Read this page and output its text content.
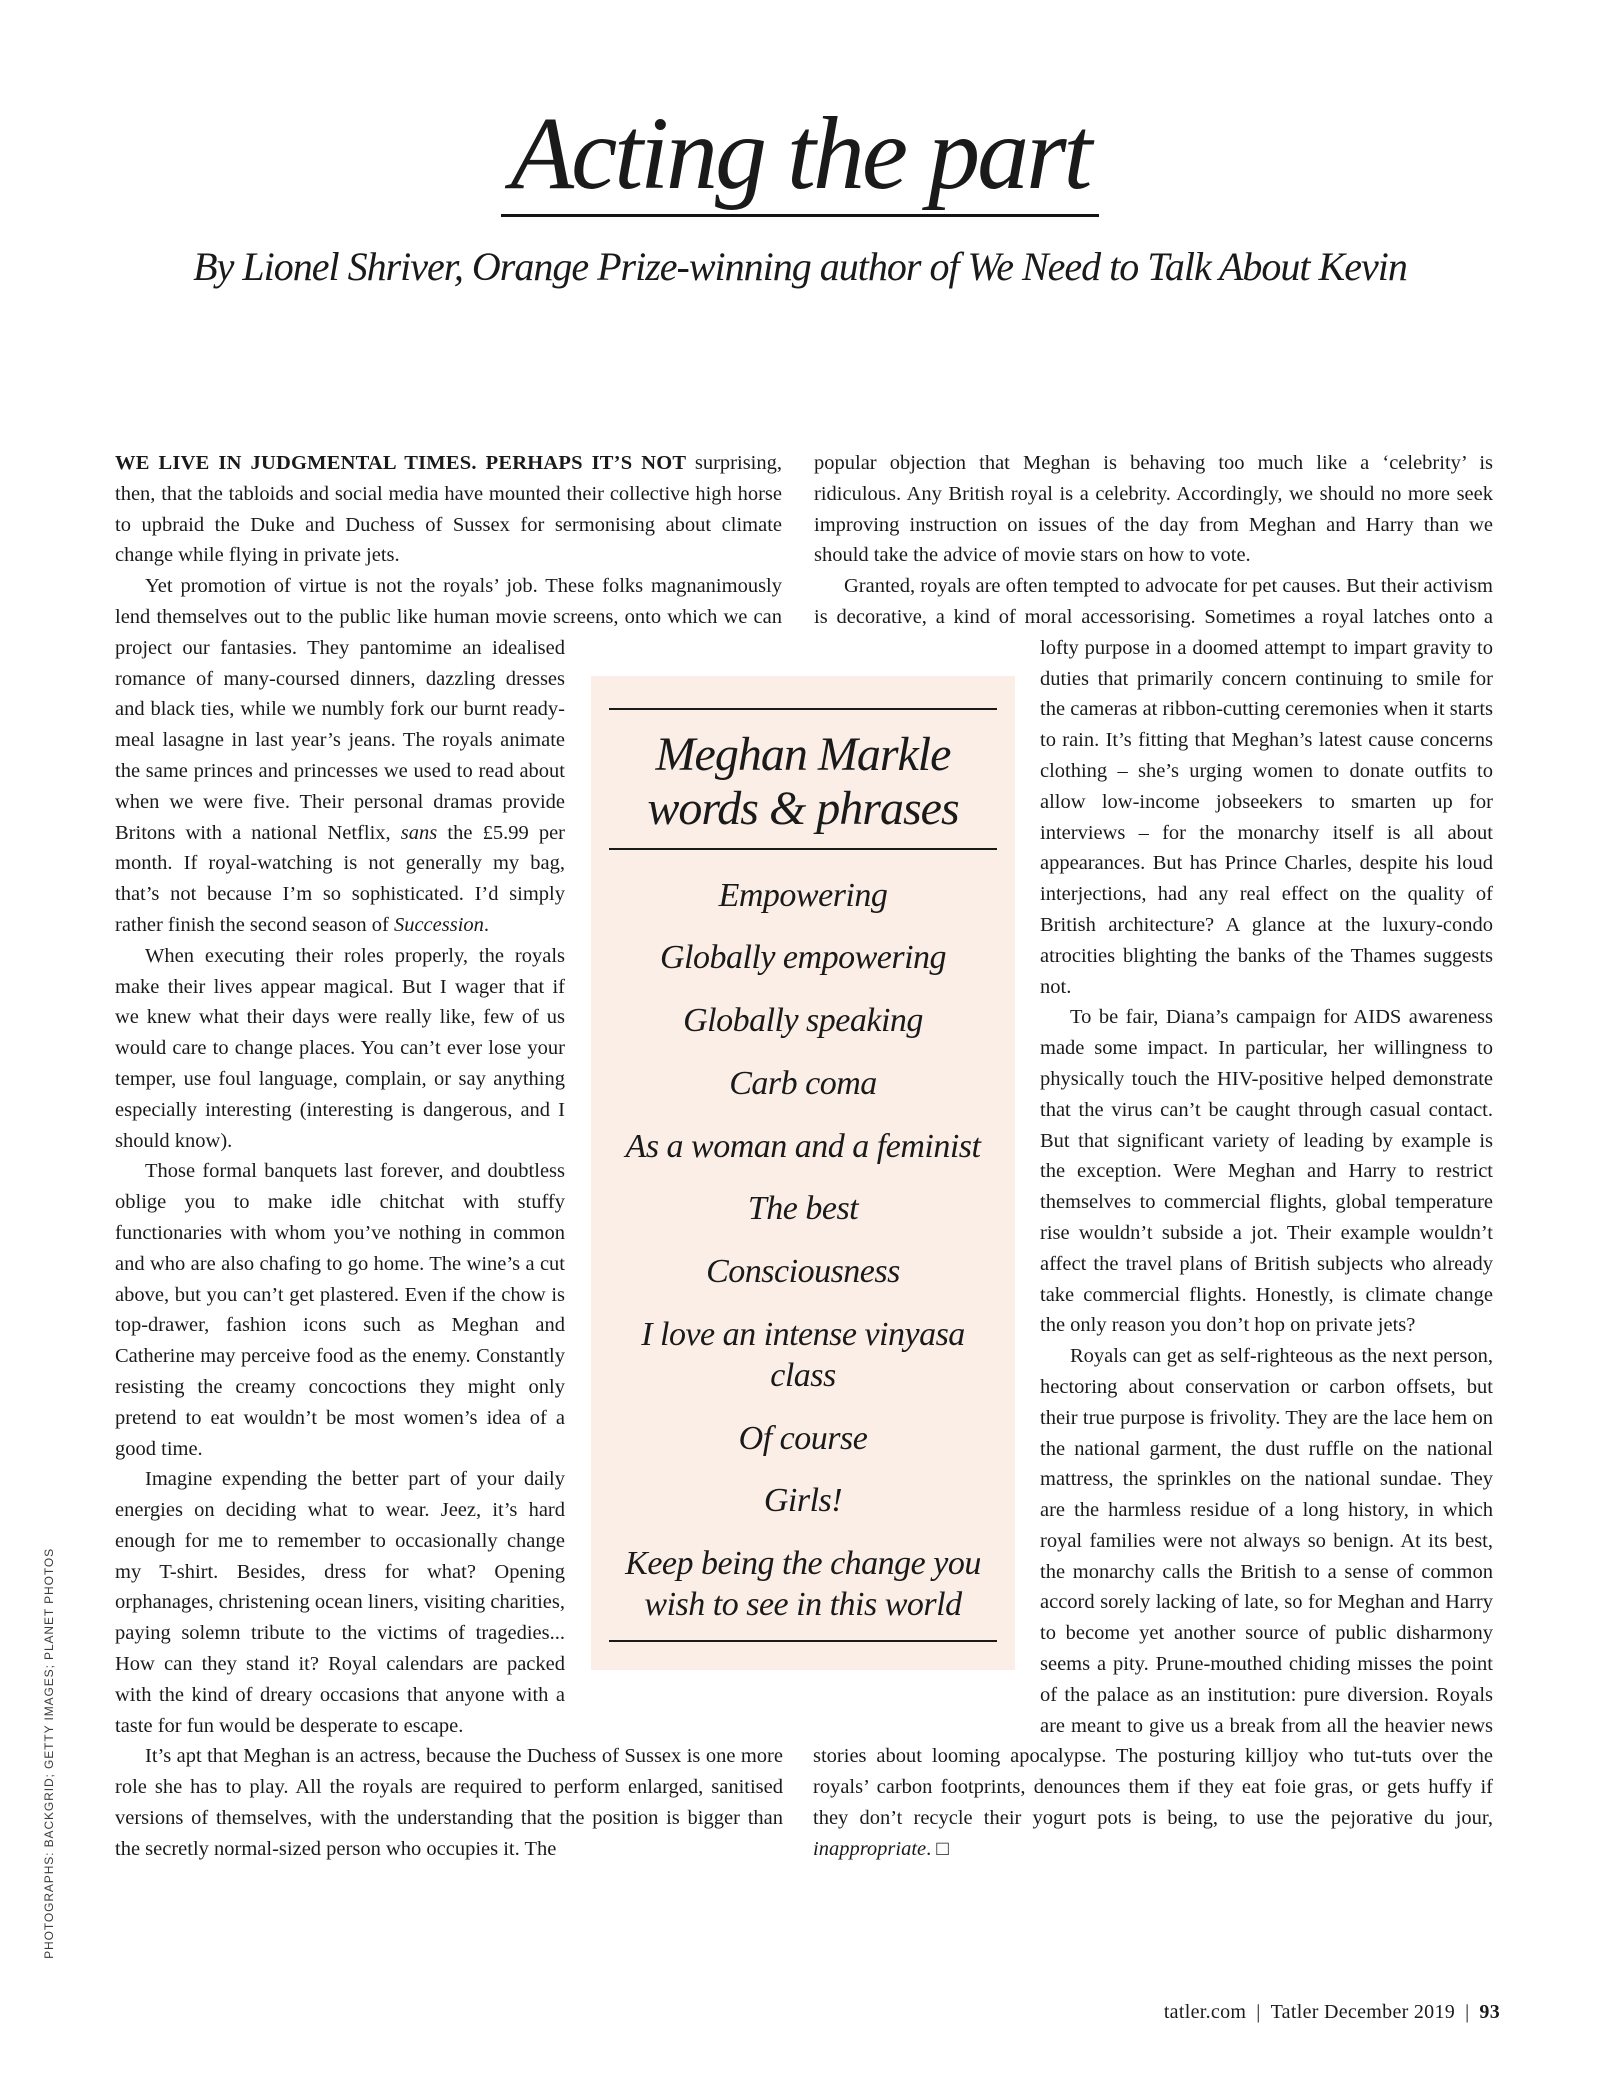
Acting the part
By Lionel Shriver, Orange Prize-winning author of We Need to Talk About Kevin

WE LIVE IN JUDGMENTAL TIMES. PERHAPS IT’S NOT surprising, then, that the tabloids and social media have mounted their collective high horse to upbraid the Duke and Duchess of Sussex for sermonising about climate change while flying in private jets.

Yet promotion of virtue is not the royals’ job. These folks magnanimously lend themselves out to the public like human movie screens, onto which we can project our fantasies. They pantomime an idealised romance of many-coursed dinners, dazzling dresses and black ties, while we numbly fork our burnt ready-meal lasagne in last year’s jeans. The royals animate the same princes and princesses we used to read about when we were five. Their personal dramas provide Britons with a national Netflix, sans the £5.99 per month. If royal-watching is not generally my bag, that’s not because I’m so sophisticated. I’d simply rather finish the second season of Succession.

When executing their roles properly, the royals make their lives appear magical. But I wager that if we knew what their days were really like, few of us would care to change places. You can’t ever lose your temper, use foul language, complain, or say anything especially interesting (interesting is dangerous, and I should know).

Those formal banquets last forever, and doubtless oblige you to make idle chitchat with stuffy functionaries with whom you’ve nothing in common and who are also chafing to go home. The wine’s a cut above, but you can’t get plastered. Even if the chow is top-drawer, fashion icons such as Meghan and Catherine may perceive food as the enemy. Constantly resisting the creamy concoctions they might only pretend to eat wouldn’t be most women’s idea of a good time.

Imagine expending the better part of your daily energies on deciding what to wear. Jeez, it’s hard enough for me to remember to occasionally change my T-shirt. Besides, dress for what? Opening orphanages, christening ocean liners, visiting charities, paying solemn tribute to the victims of tragedies... How can they stand it? Royal calendars are packed with the kind of dreary occasions that anyone with a taste for fun would be desperate to escape.

It’s apt that Meghan is an actress, because the Duchess of Sussex is one more role she has to play. All the royals are required to perform enlarged, sanitised versions of themselves, with the understanding that the position is bigger than the secretly normal-sized person who occupies it. The

popular objection that Meghan is behaving too much like a ‘celebrity’ is ridiculous. Any British royal is a celebrity. Accordingly, we should no more seek improving instruction on issues of the day from Meghan and Harry than we should take the advice of movie stars on how to vote.

Granted, royals are often tempted to advocate for pet causes. But their activism is decorative, a kind of moral accessorising. Sometimes a royal latches onto a lofty purpose in a doomed attempt to impart gravity to duties that primarily concern continuing to smile for the cameras at ribbon-cutting ceremonies when it starts to rain. It’s fitting that Meghan’s latest cause concerns clothing – she’s urging women to donate outfits to allow low-income jobseekers to smarten up for interviews – for the monarchy itself is all about appearances. But has Prince Charles, despite his loud interjections, had any real effect on the quality of British architecture? A glance at the luxury-condo atrocities blighting the banks of the Thames suggests not.

To be fair, Diana’s campaign for AIDS awareness made some impact. In particular, her willingness to physically touch the HIV-positive helped demonstrate that the virus can’t be caught through casual contact. But that significant variety of leading by example is the exception. Were Meghan and Harry to restrict themselves to commercial flights, global temperature rise wouldn’t subside a jot. Their example wouldn’t affect the travel plans of British subjects who already take commercial flights. Honestly, is climate change the only reason you don’t hop on private jets?

Royals can get as self-righteous as the next person, hectoring about conservation or carbon offsets, but their true purpose is frivolity. They are the lace hem on the national garment, the dust ruffle on the national mattress, the sprinkles on the national sundae. They are the harmless residue of a long history, in which royal families were not always so benign. At its best, the monarchy calls the British to a sense of common accord sorely lacking of late, so for Meghan and Harry to become yet another source of public disharmony seems a pity. Prune-mouthed chiding misses the point of the palace as an institution: pure diversion. Royals are meant to give us a break from all the heavier news stories about looming apocalypse. The posturing killjoy who tut-tuts over the royals’ carbon footprints, denounces them if they eat foie gras, or gets huffy if they don’t recycle their yogurt pots is being, to use the pejorative du jour, inappropriate. □

Meghan Markle
words & phrases
Empowering
Globally empowering
Globally speaking
Carb coma
As a woman and a feminist
The best
Consciousness
I love an intense vinyasa class
Of course
Girls!
Keep being the change you wish to see in this world
tatler.com | Tatler December 2019 | 93
PHOTOGRAPHS: BACKGRID; GETTY IMAGES; PLANET PHOTOS
